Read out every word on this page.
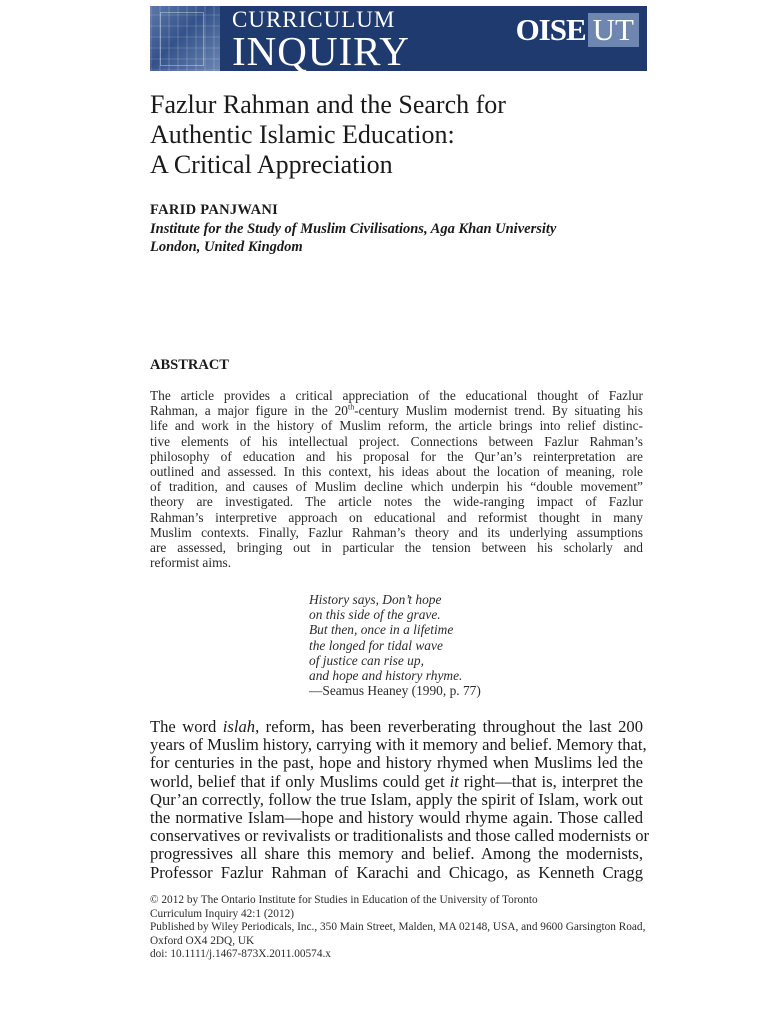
CURRICULUM
INQUIRY	OISE UT
Fazlur Rahman and the Search for
Authentic Islamic Education:
A Critical Appreciation
FARID PANJWANI
Institute for the Study of Muslim Civilisations, Aga Khan University
London, United Kingdom
ABSTRACT
The article provides a critical appreciation of the educational thought of Fazlur
Rahman, a major figure in the 20th-century Muslim modernist trend. By situating his
life and work in the history of Muslim reform, the article brings into relief distinc-
tive elements of his intellectual project. Connections between Fazlur Rahman’s
philosophy of education and his proposal for the Qur’an’s reinterpretation are
outlined and assessed. In this context, his ideas about the location of meaning, role
of tradition, and causes of Muslim decline which underpin his “double movement”
theory are investigated. The article notes the wide-ranging impact of Fazlur
Rahman’s interpretive approach on educational and reformist thought in many
Muslim contexts. Finally, Fazlur Rahman’s theory and its underlying assumptions
are assessed, bringing out in particular the tension between his scholarly and
reformist aims.
History says, Don’t hope
on this side of the grave.
But then, once in a lifetime
the longed for tidal wave
of justice can rise up,
and hope and history rhyme.
—Seamus Heaney (1990, p. 77)
The word islah, reform, has been reverberating throughout the last 200
years of Muslim history, carrying with it memory and belief. Memory that,
for centuries in the past, hope and history rhymed when Muslims led the
world, belief that if only Muslims could get it right—that is, interpret the
Qur’an correctly, follow the true Islam, apply the spirit of Islam, work out
the normative Islam—hope and history would rhyme again. Those called
conservatives or revivalists or traditionalists and those called modernists or
progressives all share this memory and belief. Among the modernists,
Professor Fazlur Rahman of Karachi and Chicago, as Kenneth Cragg
© 2012 by The Ontario Institute for Studies in Education of the University of Toronto
Curriculum Inquiry 42:1 (2012)
Published by Wiley Periodicals, Inc., 350 Main Street, Malden, MA 02148, USA, and 9600 Garsington Road,
Oxford OX4 2DQ, UK
doi: 10.1111/j.1467-873X.2011.00574.x
